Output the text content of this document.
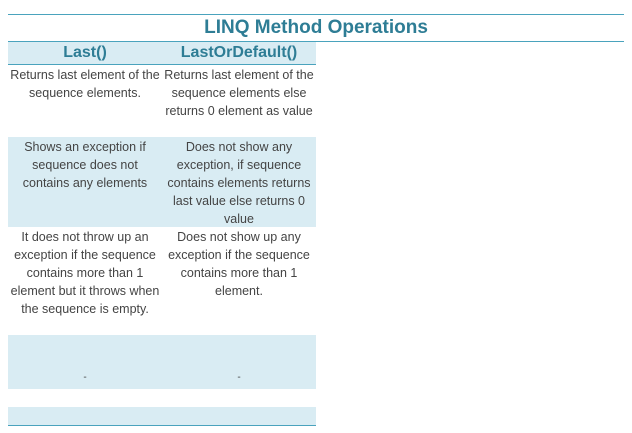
LINQ Method Operations
Last()	LastOrDefault()
Returns last element of the sequence elements.
Returns last element of the sequence elements else returns 0 element as value
Shows an exception if sequence does not contains any elements
Does not show any exception, if sequence contains elements returns last value else returns 0 value
It does not throw up an exception if the sequence contains more than 1 element but it throws when the sequence is empty.
Does not show up any exception if the sequence contains more than 1 element.
-	-
